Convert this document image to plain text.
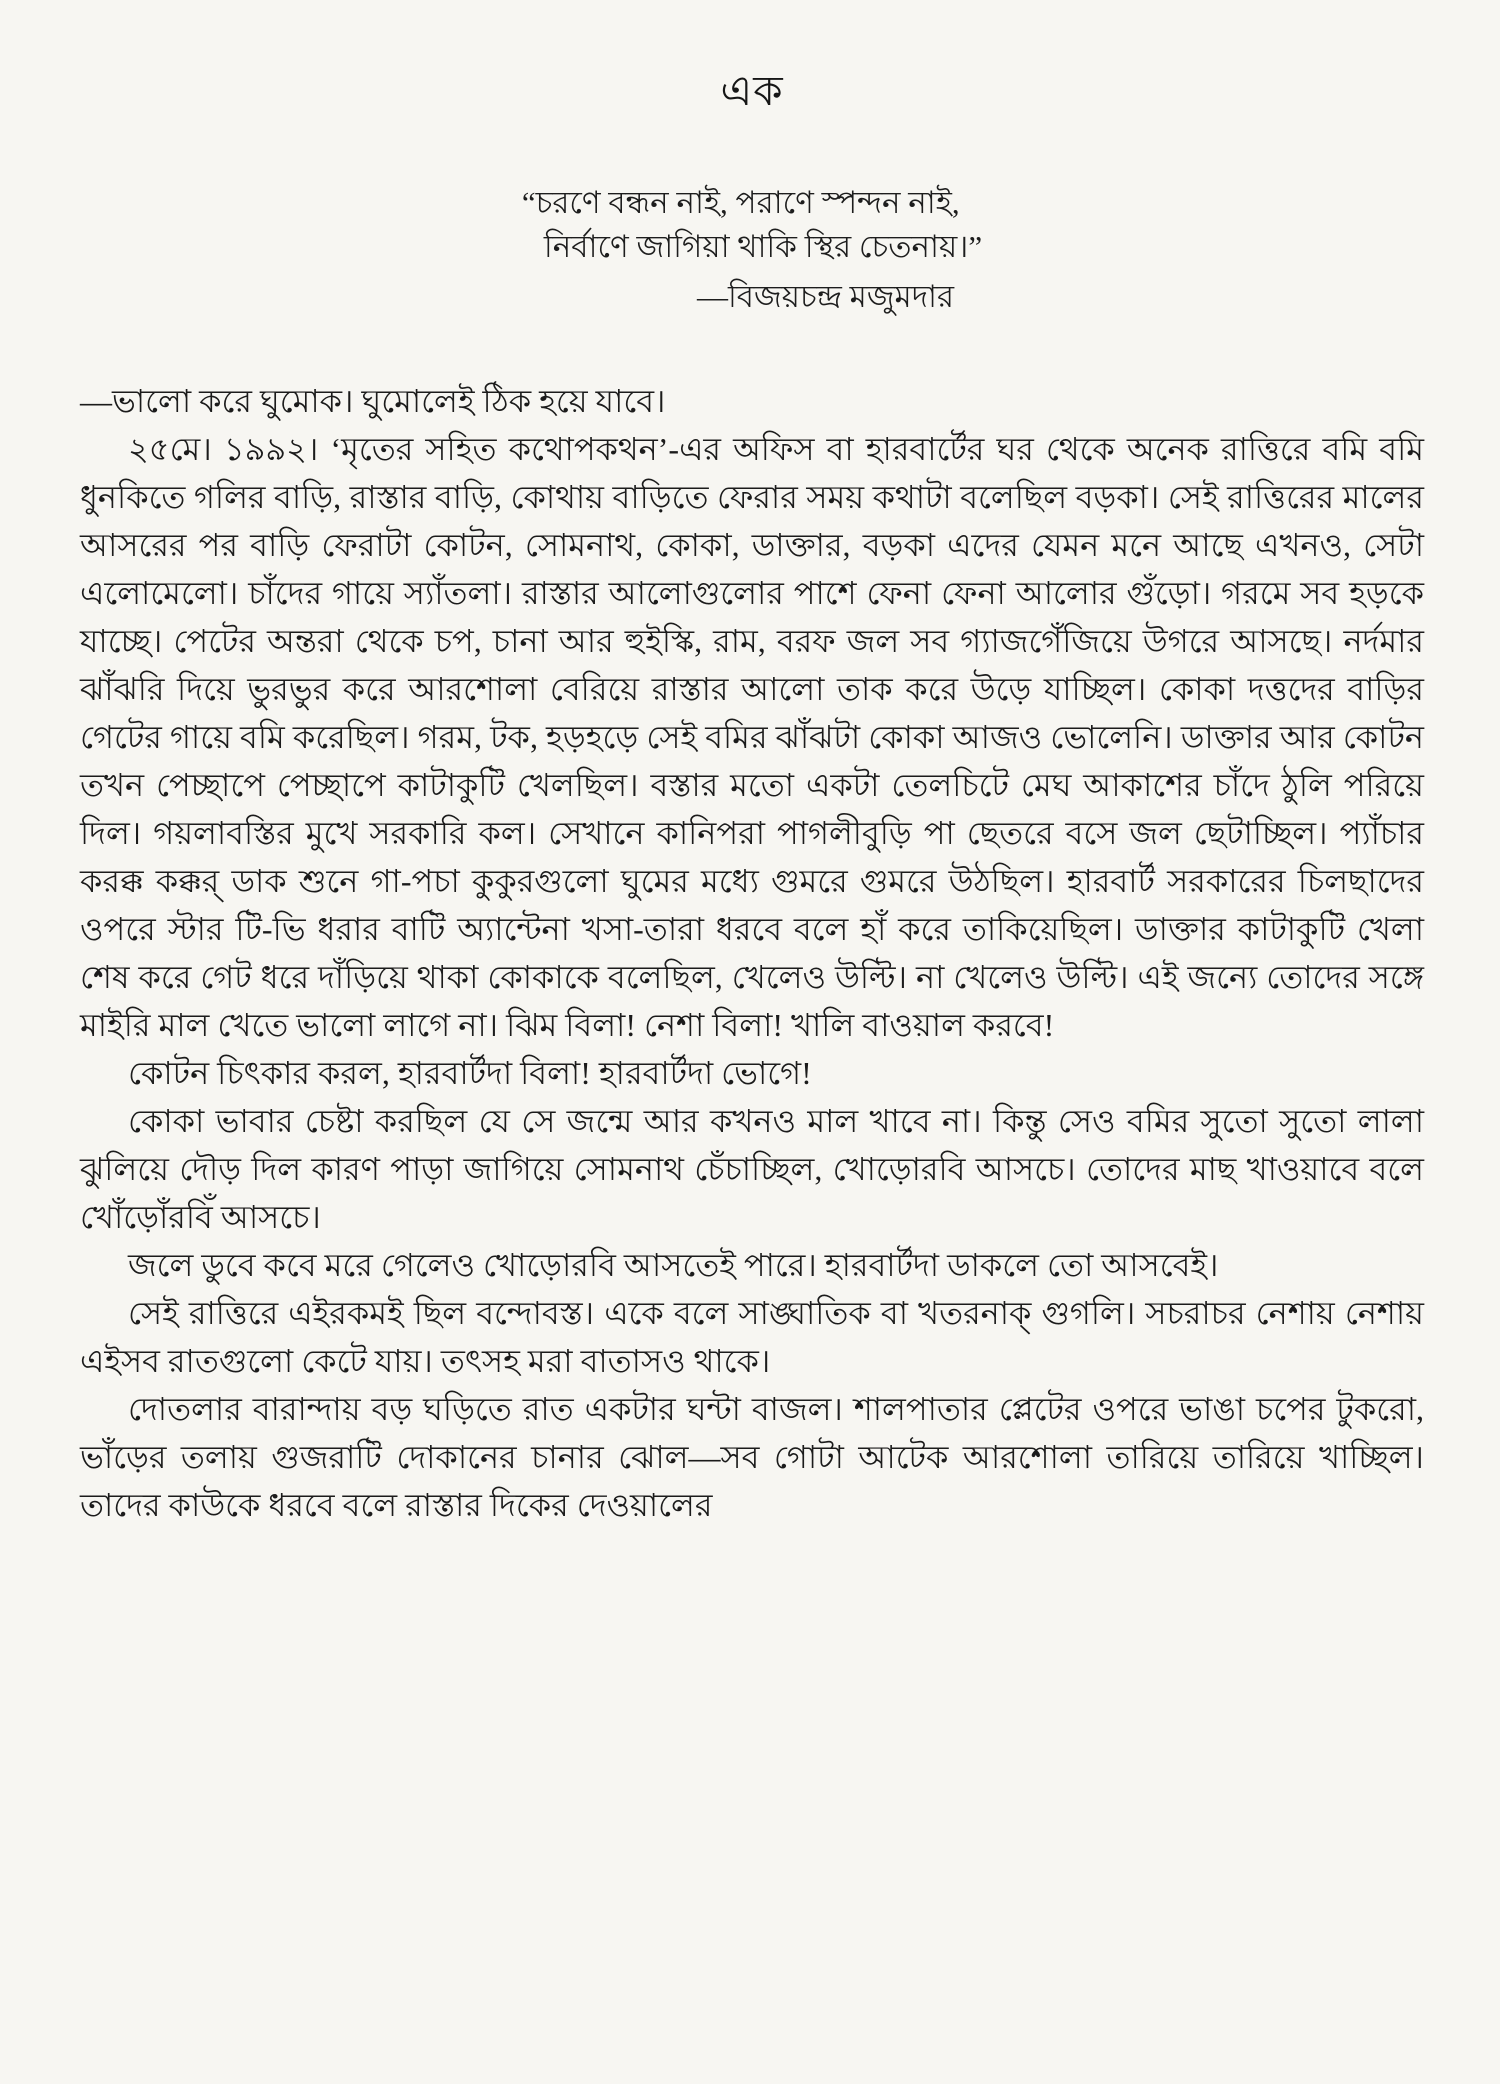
এক
“চরণে বন্ধন নাই, পরাণে স্পন্দন নাই,
নির্বাণে জাগিয়া থাকি স্থির চেতনায়।”
—বিজয়চন্দ্র মজুমদার

—ভালো করে ঘুমোক। ঘুমোলেই ঠিক হয়ে যাবে।

২৫মে। ১৯৯২। ‘মৃতের সহিত কথোপকথন’-এর অফিস বা হারবার্টের ঘর থেকে অনেক রাত্তিরে বমি বমি ধুনকিতে গলির বাড়ি, রাস্তার বাড়ি, কোথায় বাড়িতে ফেরার সময় কথাটা বলেছিল বড়কা। সেই রাত্তিরের মালের আসরের পর বাড়ি ফেরাটা কোটন, সোমনাথ, কোকা, ডাক্তার, বড়কা এদের যেমন মনে আছে এখনও, সেটা এলোমেলো। চাঁদের গায়ে স্যাঁতলা। রাস্তার আলোগুলোর পাশে ফেনা ফেনা আলোর গুঁড়ো। গরমে সব হড়কে যাচ্ছে। পেটের অন্তরা থেকে চপ, চানা আর হুইস্কি, রাম, বরফ জল সব গ্যাজগেঁজিয়ে উগরে আসছে। নর্দমার ঝাঁঝরি দিয়ে ভুরভুর করে আরশোলা বেরিয়ে রাস্তার আলো তাক করে উড়ে যাচ্ছিল। কোকা দত্তদের বাড়ির গেটের গায়ে বমি করেছিল। গরম, টক, হড়হড়ে সেই বমির ঝাঁঝটা কোকা আজও ভোলেনি। ডাক্তার আর কোটন তখন পেচ্ছাপে পেচ্ছাপে কাটাকুটি খেলছিল। বস্তার মতো একটা তেলচিটে মেঘ আকাশের চাঁদে ঠুলি পরিয়ে দিল। গয়লাবস্তির মুখে সরকারি কল। সেখানে কানিপরা পাগলীবুড়ি পা ছেতরে বসে জল ছেটাচ্ছিল। প্যাঁচার করক্ক কক্কর্ ডাক শুনে গা-পচা কুকুরগুলো ঘুমের মধ্যে গুমরে গুমরে উঠছিল। হারবার্ট সরকারের চিলছাদের ওপরে স্টার টি-ভি ধরার বাটি অ্যান্টেনা খসা-তারা ধরবে বলে হাঁ করে তাকিয়েছিল। ডাক্তার কাটাকুটি খেলা শেষ করে গেট ধরে দাঁড়িয়ে থাকা কোকাকে বলেছিল, খেলেও উল্টি। না খেলেও উল্টি। এই জন্যে তোদের সঙ্গে মাইরি মাল খেতে ভালো লাগে না। ঝিম বিলা! নেশা বিলা! খালি বাওয়াল করবে!

কোটন চিৎকার করল, হারবার্টদা বিলা! হারবার্টদা ভোগে!

কোকা ভাবার চেষ্টা করছিল যে সে জন্মে আর কখনও মাল খাবে না। কিন্তু সেও বমির সুতো সুতো লালা ঝুলিয়ে দৌড় দিল কারণ পাড়া জাগিয়ে সোমনাথ চেঁচাচ্ছিল, খোড়োরবি আসচে। তোদের মাছ খাওয়াবে বলে খোঁড়োঁরবিঁ আসচে।

জলে ডুবে কবে মরে গেলেও খোড়োরবি আসতেই পারে। হারবার্টদা ডাকলে তো আসবেই।

সেই রাত্তিরে এইরকমই ছিল বন্দোবস্ত। একে বলে সাঙ্ঘাতিক বা খতরনাক্ গুগলি। সচরাচর নেশায় নেশায় এইসব রাতগুলো কেটে যায়। তৎসহ মরা বাতাসও থাকে।

দোতলার বারান্দায় বড় ঘড়িতে রাত একটার ঘন্টা বাজল। শালপাতার প্লেটের ওপরে ভাঙা চপের টুকরো, ভাঁড়ের তলায় গুজরাটি দোকানের চানার ঝোল—সব গোটা আটেক আরশোলা তারিয়ে তারিয়ে খাচ্ছিল। তাদের কাউকে ধরবে বলে রাস্তার দিকের দেওয়ালের
